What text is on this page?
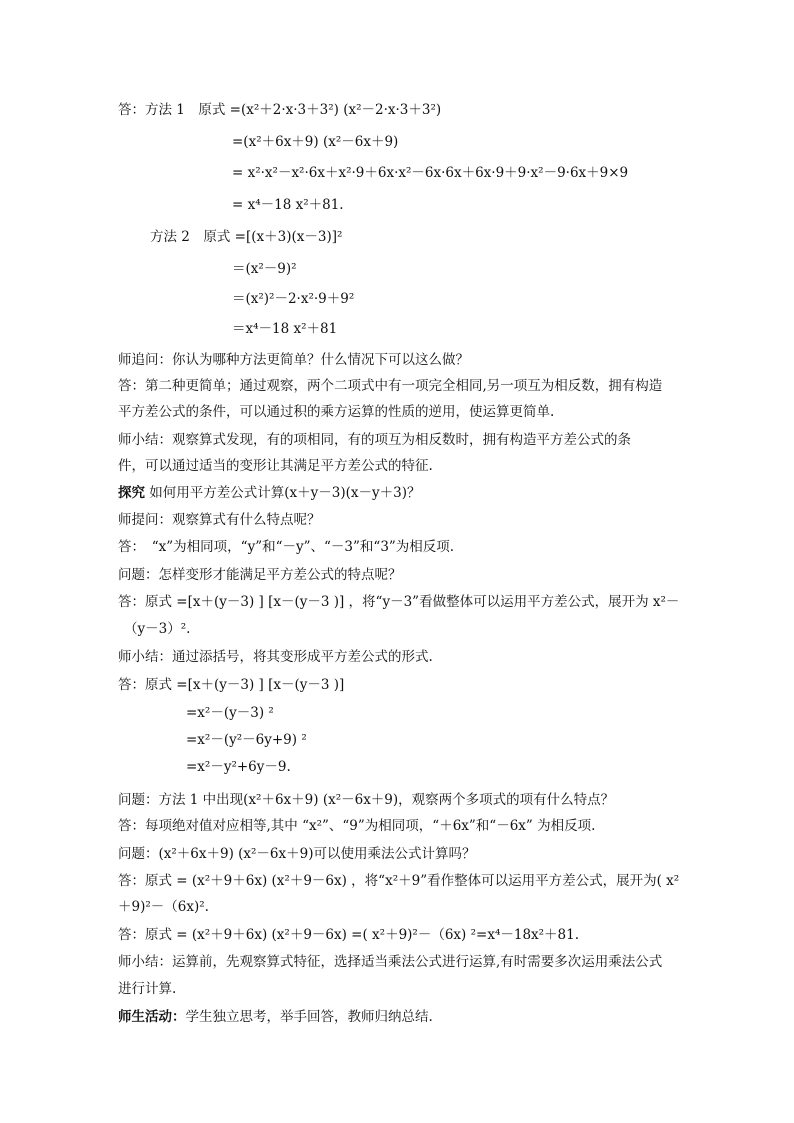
答：方法 1　原式 =(x²＋2·x·3＋3²) (x²－2·x·3＋3²)
=(x²＋6x＋9) (x²－6x＋9)
= x²·x²－x²·6x＋x²·9＋6x·x²－6x·6x＋6x·9＋9·x²－9·6x＋9×9
= x⁴－18 x²＋81.
方法 2　原式 =[(x＋3)(x－3)]²
＝(x²－9)²
＝(x²)²－2·x²·9＋9²
＝x⁴－18 x²＋81
师追问：你认为哪种方法更简单？什么情况下可以这么做？
答：第二种更简单；通过观察，两个二项式中有一项完全相同,另一项互为相反数，拥有构造
平方差公式的条件，可以通过积的乘方运算的性质的逆用，使运算更简单.
师小结：观察算式发现，有的项相同，有的项互为相反数时，拥有构造平方差公式的条
件，可以通过适当的变形让其满足平方差公式的特征.
探究 如何用平方差公式计算(x＋y－3)(x－y＋3)？
师提问：观察算式有什么特点呢？
答：　“x”为相同项，“y”和“－y”、“－3”和“3”为相反项.
问题：怎样变形才能满足平方差公式的特点呢？
答：原式 =[x＋(y－3) ] [x－(y－3 )] ，将“y－3”看做整体可以运用平方差公式，展开为 x²－
（y－3）².
师小结：通过添括号，将其变形成平方差公式的形式.
答：原式 =[x＋(y－3) ] [x－(y－3 )]
=x²－(y－3) ²
=x²－(y²－6y+9) ²
=x²－y²+6y－9.
问题：方法 1 中出现(x²＋6x＋9) (x²－6x＋9)，观察两个多项式的项有什么特点？
答：每项绝对值对应相等,其中 “x²”、“9”为相同项，“＋6x”和“－6x” 为相反项.
问题：(x²＋6x＋9) (x²－6x＋9)可以使用乘法公式计算吗？
答：原式 = (x²＋9＋6x) (x²＋9－6x) ，将“x²＋9”看作整体可以运用平方差公式，展开为( x²
＋9)²－（6x)².
答：原式 = (x²＋9＋6x) (x²＋9－6x) =( x²＋9)²－（6x) ²=x⁴－18x²＋81.
师小结：运算前，先观察算式特征，选择适当乘法公式进行运算,有时需要多次运用乘法公式
进行计算.
师生活动：学生独立思考，举手回答，教师归纳总结.
